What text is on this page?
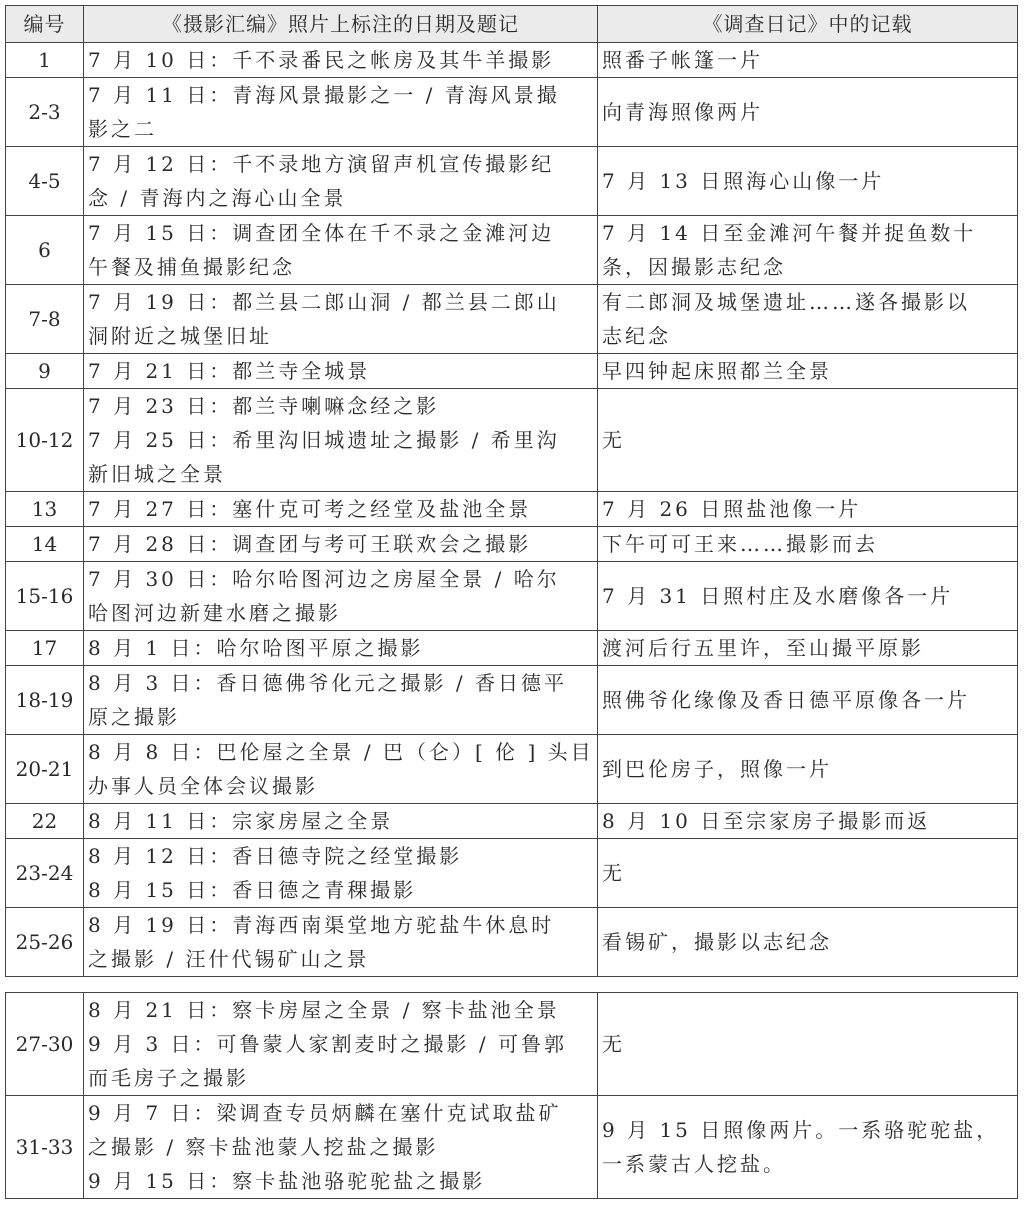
编号	《摄影汇编》照片上标注的日期及题记	《调查日记》中的记载
1	7 月 10 日：千不录番民之帐房及其牛羊撮影	照番子帐篷一片

2-3	7 月 11 日：青海风景撮影之一 / 青海风景撮
影之二	向青海照像两片

4-5	7 月 12 日：千不录地方演留声机宣传撮影纪
念 / 青海内之海心山全景	7 月 13 日照海心山像一片

6	7 月 15 日：调查团全体在千不录之金滩河边
午餐及捕鱼撮影纪念	7 月 14 日至金滩河午餐并捉鱼数十
条，因撮影志纪念

7-8	7 月 19 日：都兰县二郎山洞 / 都兰县二郎山
洞附近之城堡旧址	有二郎洞及城堡遗址……遂各撮影以
志纪念

9	7 月 21 日：都兰寺全城景	早四钟起床照都兰全景

10-12	7 月 23 日：都兰寺喇嘛念经之影
7 月 25 日：希里沟旧城遗址之撮影 / 希里沟
新旧城之全景	无

13	7 月 27 日：塞什克可考之经堂及盐池全景	7 月 26 日照盐池像一片

14	7 月 28 日：调查团与考可王联欢会之撮影	下午可可王来……撮影而去

15-16	7 月 30 日：哈尔哈图河边之房屋全景 / 哈尔
哈图河边新建水磨之撮影	7 月 31 日照村庄及水磨像各一片

17	8 月 1 日：哈尔哈图平原之撮影	渡河后行五里许，至山撮平原影

18-19	8 月 3 日：香日德佛爷化元之撮影 / 香日德平
原之撮影	照佛爷化缘像及香日德平原像各一片

20-21	8 月 8 日：巴伦屋之全景 / 巴（仑）[ 伦 ] 头目
办事人员全体会议撮影	到巴伦房子，照像一片

22	8 月 11 日：宗家房屋之全景	8 月 10 日至宗家房子撮影而返

23-24	8 月 12 日：香日德寺院之经堂撮影
8 月 15 日：香日德之青稞撮影	无

25-26	8 月 19 日：青海西南渠堂地方驼盐牛休息时
之撮影 / 汪什代锡矿山之景	看锡矿，撮影以志纪念
27-30	8 月 21 日：察卡房屋之全景 / 察卡盐池全景
9 月 3 日：可鲁蒙人家割麦时之撮影 / 可鲁郭
而毛房子之撮影	无

31-33	9 月 7 日：梁调查专员炳麟在塞什克试取盐矿
之撮影 / 察卡盐池蒙人挖盐之撮影
9 月 15 日：察卡盐池骆驼驼盐之撮影	9 月 15 日照像两片。一系骆驼驼盐，
一系蒙古人挖盐。
